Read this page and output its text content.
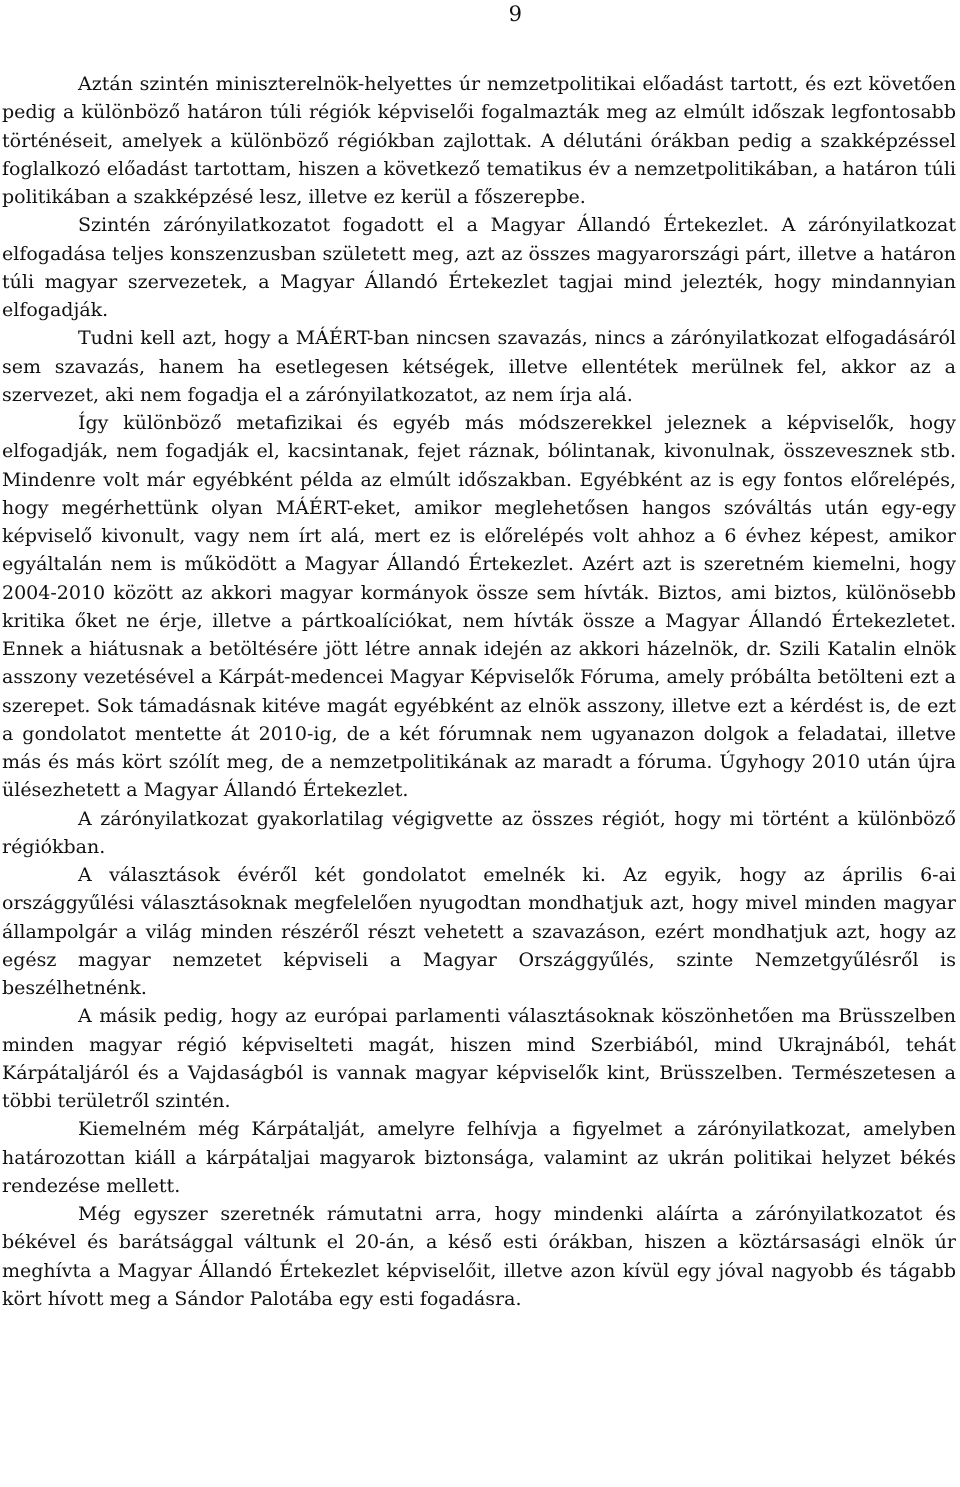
9

Aztán szintén miniszterelnök-helyettes úr nemzetpolitikai előadást tartott, és ezt követően pedig a különböző határon túli régiók képviselői fogalmazták meg az elmúlt időszak legfontosabb történéseit, amelyek a különböző régiókban zajlottak. A délutáni órákban pedig a szakképzéssel foglalkozó előadást tartottam, hiszen a következő tematikus év a nemzetpolitikában, a határon túli politikában a szakképzésé lesz, illetve ez kerül a főszerepbe.

Szintén zárónyilatkozatot fogadott el a Magyar Állandó Értekezlet. A zárónyilatkozat elfogadása teljes konszenzusban született meg, azt az összes magyarországi párt, illetve a határon túli magyar szervezetek, a Magyar Állandó Értekezlet tagjai mind jelezték, hogy mindannyian elfogadják.

Tudni kell azt, hogy a MÁÉRT-ban nincsen szavazás, nincs a zárónyilatkozat elfogadásáról sem szavazás, hanem ha esetlegesen kétségek, illetve ellentétek merülnek fel, akkor az a szervezet, aki nem fogadja el a zárónyilatkozatot, az nem írja alá.

Így különböző metafizikai és egyéb más módszerekkel jeleznek a képviselők, hogy elfogadják, nem fogadják el, kacsintanak, fejet ráznak, bólintanak, kivonulnak, összevesznek stb. Mindenre volt már egyébként példa az elmúlt időszakban. Egyébként az is egy fontos előrelépés, hogy megérhettünk olyan MÁÉRT-eket, amikor meglehetősen hangos szóváltás után egy-egy képviselő kivonult, vagy nem írt alá, mert ez is előrelépés volt ahhoz a 6 évhez képest, amikor egyáltalán nem is működött a Magyar Állandó Értekezlet. Azért azt is szeretném kiemelni, hogy 2004-2010 között az akkori magyar kormányok össze sem hívták. Biztos, ami biztos, különösebb kritika őket ne érje, illetve a pártkoalíciókat, nem hívták össze a Magyar Állandó Értekezletet. Ennek a hiátusnak a betöltésére jött létre annak idején az akkori házelnök, dr. Szili Katalin elnök asszony vezetésével a Kárpát-medencei Magyar Képviselők Fóruma, amely próbálta betölteni ezt a szerepet. Sok támadásnak kitéve magát egyébként az elnök asszony, illetve ezt a kérdést is, de ezt a gondolatot mentette át 2010-ig, de a két fórumnak nem ugyanazon dolgok a feladatai, illetve más és más kört szólít meg, de a nemzetpolitikának az maradt a fóruma. Úgyhogy 2010 után újra ülésezhetett a Magyar Állandó Értekezlet.

A zárónyilatkozat gyakorlatilag végigvette az összes régiót, hogy mi történt a különböző régiókban.

A választások évéről két gondolatot emelnék ki. Az egyik, hogy az április 6-ai országgyűlési választásoknak megfelelően nyugodtan mondhatjuk azt, hogy mivel minden magyar állampolgár a világ minden részéről részt vehetett a szavazáson, ezért mondhatjuk azt, hogy az egész magyar nemzetet képviseli a Magyar Országgyűlés, szinte Nemzetgyűlésről is beszélhetnénk.

A másik pedig, hogy az európai parlamenti választásoknak köszönhetően ma Brüsszelben minden magyar régió képviselteti magát, hiszen mind Szerbiából, mind Ukrajnából, tehát Kárpátaljáról és a Vajdaságból is vannak magyar képviselők kint, Brüsszelben. Természetesen a többi területről szintén.

Kiemelném még Kárpátalját, amelyre felhívja a figyelmet a zárónyilatkozat, amelyben határozottan kiáll a kárpátaljai magyarok biztonsága, valamint az ukrán politikai helyzet békés rendezése mellett.

Még egyszer szeretnék rámutatni arra, hogy mindenki aláírta a zárónyilatkozatot és békével és barátsággal váltunk el 20-án, a késő esti órákban, hiszen a köztársasági elnök úr meghívta a Magyar Állandó Értekezlet képviselőit, illetve azon kívül egy jóval nagyobb és tágabb kört hívott meg a Sándor Palotába egy esti fogadásra.
